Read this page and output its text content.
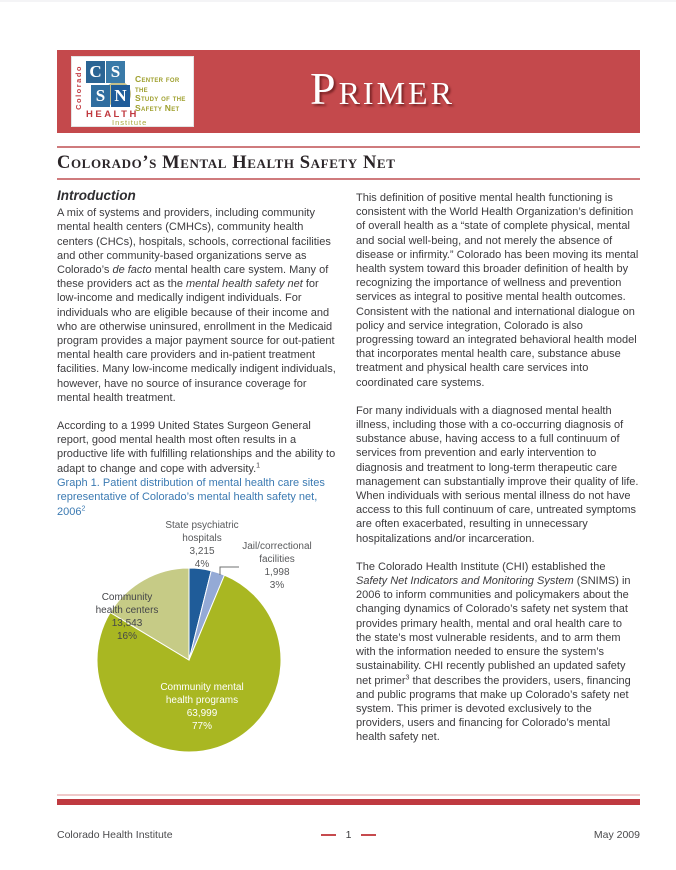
Colorado C S
S N
HEALTH
Institute
Center for the
Study of the
Safety Net	Primer
Colorado’s Mental Health Safety Net
Introduction

A mix of systems and providers, including community mental health centers (CMHCs), community health centers (CHCs), hospitals, schools, correctional facilities and other community-based organizations serve as Colorado’s de facto mental health care system. Many of these providers act as the mental health safety net for low-income and medically indigent individuals. For individuals who are eligible because of their income and who are otherwise uninsured, enrollment in the Medicaid program provides a major payment source for out-patient mental health care providers and in-patient treatment facilities. Many low-income medically indigent individuals, however, have no source of insurance coverage for mental health treatment.

According to a 1999 United States Surgeon General report, good mental health most often results in a productive life with fulfilling relationships and the ability to adapt to change and cope with adversity.$^1$

Graph 1. Patient distribution of mental health care sites representative of Colorado’s mental health safety net, 2006$^2$

State psychiatric
hospitals
3,215
4%
Jail/correctional
facilities
1,998
3%
Community mental
health programs
63,999
77%
Community
health centers
13,543
16%

This definition of positive mental health functioning is consistent with the World Health Organization’s definition of overall health as a “state of complete physical, mental and social well-being, and not merely the absence of disease or infirmity.” Colorado has been moving its mental health system toward this broader definition of health by recognizing the importance of wellness and prevention services as integral to positive mental health outcomes. Consistent with the national and international dialogue on policy and service integration, Colorado is also progressing toward an integrated behavioral health model that incorporates mental health care, substance abuse treatment and physical health care services into coordinated care systems.

For many individuals with a diagnosed mental health illness, including those with a co-occurring diagnosis of substance abuse, having access to a full continuum of services from prevention and early intervention to diagnosis and treatment to long-term therapeutic care management can substantially improve their quality of life. When individuals with serious mental illness do not have access to this full continuum of care, untreated symptoms are often exacerbated, resulting in unnecessary hospitalizations and/or incarceration.

The Colorado Health Institute (CHI) established the Safety Net Indicators and Monitoring System (SNIMS) in 2006 to inform communities and policymakers about the changing dynamics of Colorado’s safety net system that provides primary health, mental and oral health care to the state’s most vulnerable residents, and to arm them with the information needed to ensure the system’s sustainability. CHI recently published an updated safety net primer$^3$ that describes the providers, users, financing and public programs that make up Colorado’s safety net system. This primer is devoted exclusively to the providers, users and financing for Colorado’s mental health safety net.

Colorado Health Institute	1	May 2009
